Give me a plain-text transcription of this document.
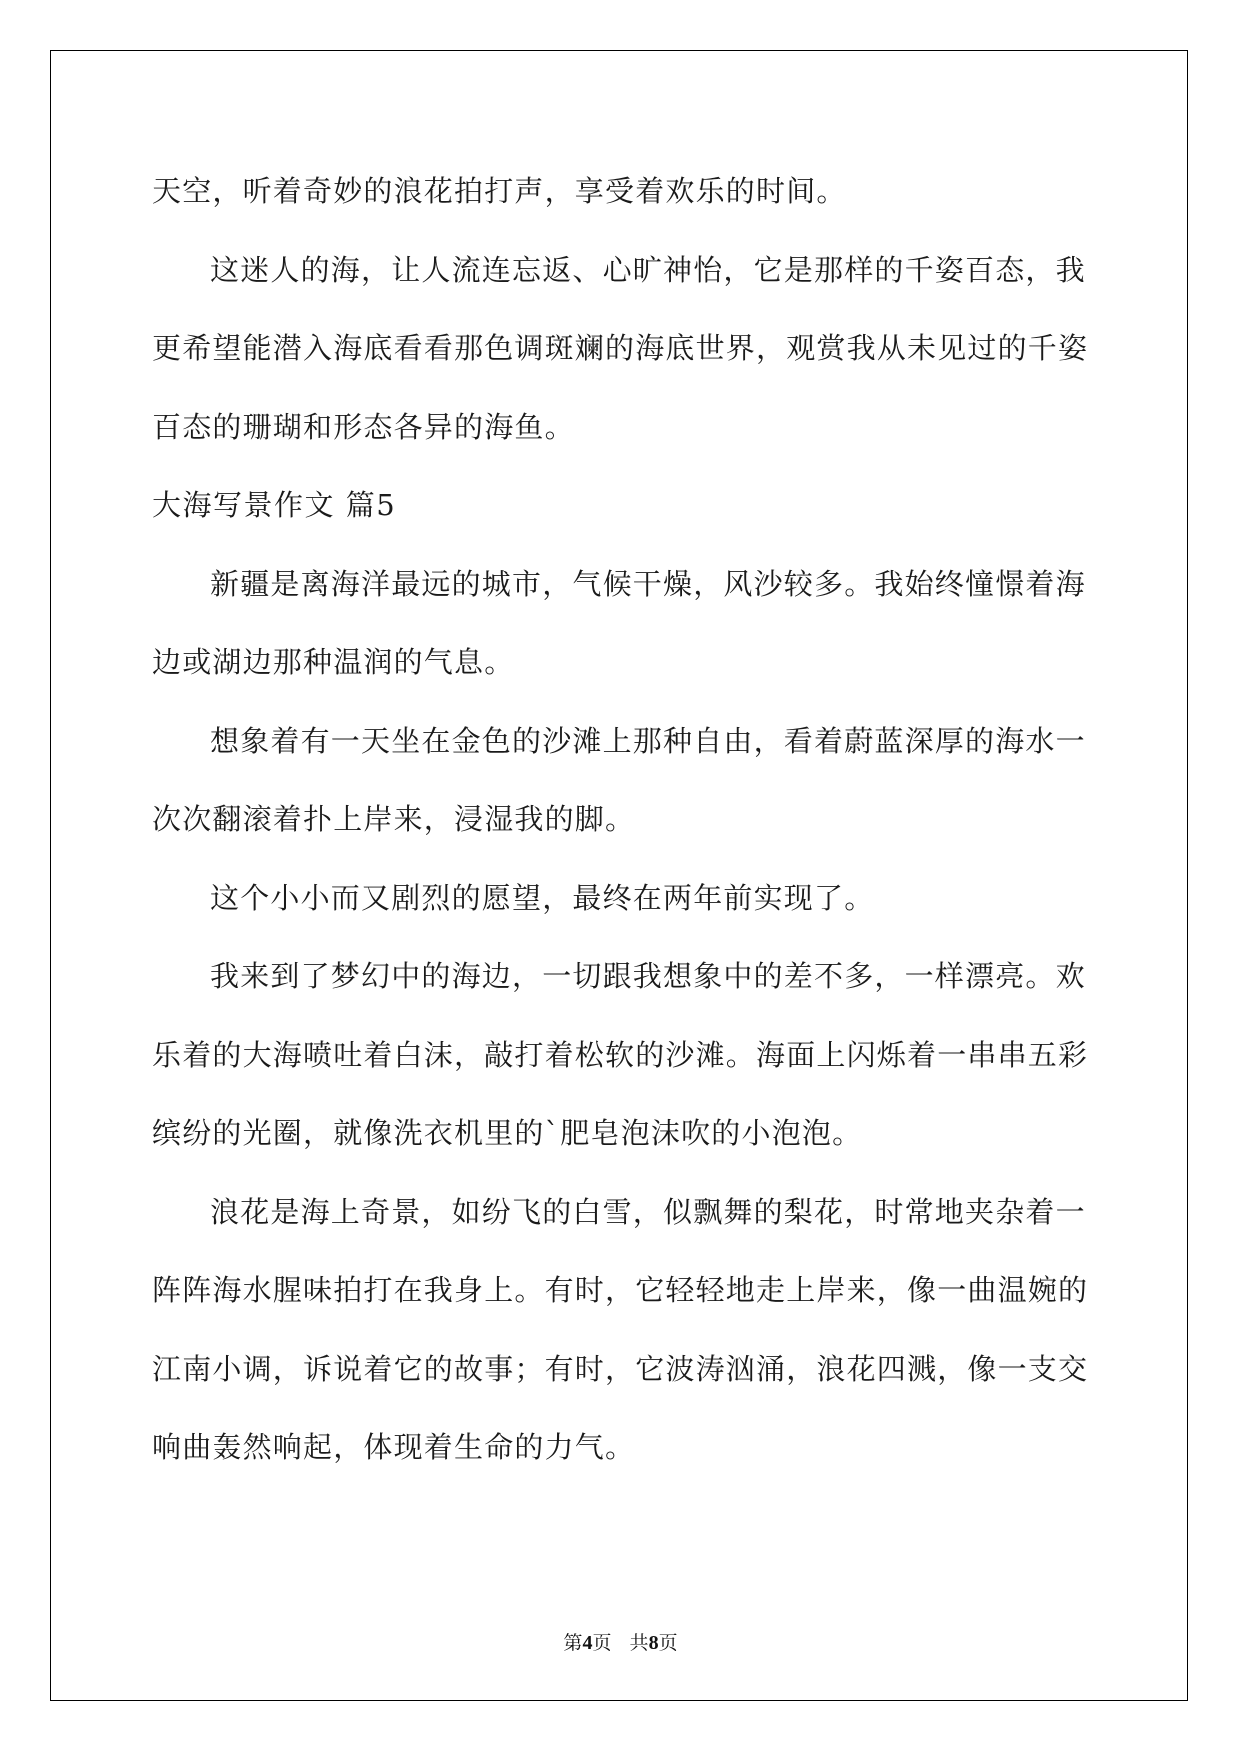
天空，听着奇妙的浪花拍打声，享受着欢乐的时间。

这迷人的海，让人流连忘返、心旷神怡，它是那样的千姿百态，我更希望能潜入海底看看那色调斑斓的海底世界，观赏我从未见过的千姿百态的珊瑚和形态各异的海鱼。

大海写景作文 篇5

新疆是离海洋最远的城市，气候干燥，风沙较多。我始终憧憬着海边或湖边那种温润的气息。

想象着有一天坐在金色的沙滩上那种自由，看着蔚蓝深厚的海水一次次翻滚着扑上岸来，浸湿我的脚。

这个小小而又剧烈的愿望，最终在两年前实现了。

我来到了梦幻中的海边，一切跟我想象中的差不多，一样漂亮。欢乐着的大海喷吐着白沫，敲打着松软的沙滩。海面上闪烁着一串串五彩缤纷的光圈，就像洗衣机里的`肥皂泡沫吹的小泡泡。

浪花是海上奇景，如纷飞的白雪，似飘舞的梨花，时常地夹杂着一阵阵海水腥味拍打在我身上。有时，它轻轻地走上岸来，像一曲温婉的江南小调，诉说着它的故事；有时，它波涛汹涌，浪花四溅，像一支交响曲轰然响起，体现着生命的力气。

第4页   共8页
